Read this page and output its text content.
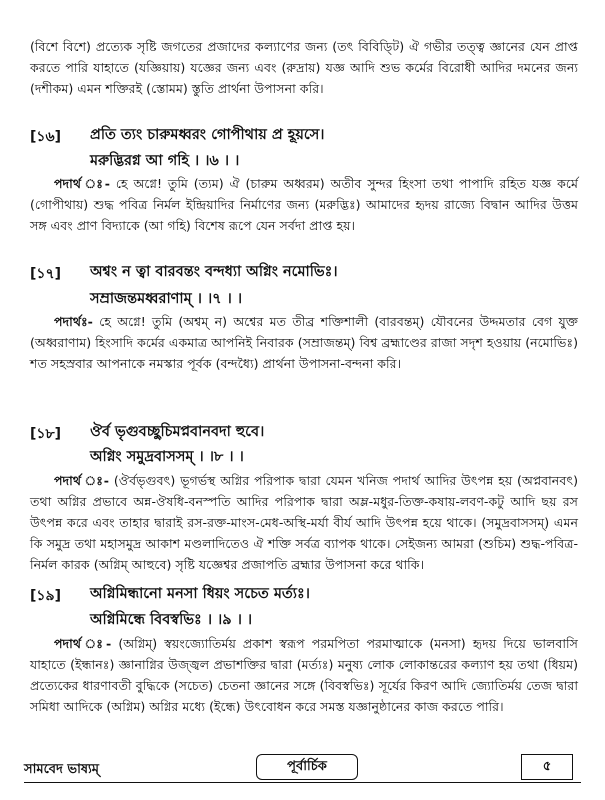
(বিশে বিশে) প্রত্যেক সৃষ্টি জগতের প্রজাদের কল্যাণের জন্য (তৎ বিবিড্টি) ঐ গভীর তত্ত্ব জ্ঞানের যেন প্রাপ্ত করতে পারি যাহাতে (যজ্ঞিয়ায়) যজ্ঞের জন্য এবং (রুদ্রায়) যজ্ঞ আদি শুভ কর্মের বিরোধী আদির দমনের জন্য (দশীকম) এমন শক্তিরই (স্তোমম) স্তুতি প্রার্থনা উপাসনা করি।
[১৬] প্রতি ত্যং চারুমধ্বরং গোপীথায় প্র হূয়সে।
মরুদ্ভিরগ্ন আ গহি । ।৬ । ।
পদার্থ ঃ- হে অগ্নে! তুমি (ত্যম) ঐ (চারুম অধ্বরম) অতীব সুন্দর হিংসা তথা পাপাদি রহিত যজ্ঞ কর্মে (গোপীথায়) শুদ্ধ পবিত্র নির্মল ইন্দ্রিয়াদির নির্মাণের জন্য (মরুদ্ভিঃ) আমাদের হৃদয় রাজ্যে বিদ্বান আদির উত্তম সঙ্গ এবং প্রাণ বিদ্যাকে (আ গহি) বিশেষ রূপে যেন সর্বদা প্রাপ্ত হয়।
[১৭] অশ্বং ন ত্বা বারবন্তং বন্দধ্যা অগ্নিং নমোভিঃ।
সম্রাজন্তমধ্বরাণাম্ । ।৭ । ।
পদার্থঃ- হে অগ্নে! তুমি (অশ্বম্ ন) অশ্বের মত তীব্র শক্তিশালী (বারবন্তম্) যৌবনের উদ্দমতার বেগ যুক্ত (অধ্বরাণাম) হিংসাদি কর্মের একমাত্র আপনিই নিবারক (সম্রাজন্তম্) বিশ্ব ব্রহ্মাণ্ডের রাজা সদৃশ হওয়ায় (নমোভিঃ) শত সহস্রবার আপনাকে নমস্কার পূর্বক (বন্দধ্যৈ) প্রার্থনা উপাসনা-বন্দনা করি।
[১৮] ঔর্ব ভৃগুবচ্ছুচিমপ্নবানবদা হুবে।
অগ্নিং সমুদ্রবাসসম্ । ।৮ । ।
পদার্থ ঃ- (ঔর্বভৃগুবৎ) ভূগর্ভস্থ অগ্নির পরিপাক দ্বারা যেমন খনিজ পদার্থ আদির উৎপন্ন হয় (অপ্নবানবৎ) তথা অগ্নির প্রভাবে অন্ন-ঔষধি-বনস্পতি আদির পরিপাক দ্বারা অম্ল-মধুর-তিক্ত-কষায়-লবণ-কটু আদি ছয় রস উৎপন্ন করে এবং তাহার দ্বারাই রস-রক্ত-মাংস-মেধ-অস্থি-মর্যা বীর্য আদি উৎপন্ন হয়ে থাকে। (সমুদ্রবাসসম্) এমন কি সমুদ্র তথা মহাসমুদ্র আকাশ মণ্ডলাদিতেও ঐ শক্তি সর্বত্র ব্যাপক থাকে। সেইজন্য আমরা (শুচিম) শুদ্ধ-পবিত্র-নির্মল কারক (অগ্নিম্ আহুবে) সৃষ্টি যজ্ঞেশ্বর প্রজাপতি ব্রহ্মার উপাসনা করে থাকি।
[১৯] অগ্নিমিন্ধানো মনসা ধিয়ং সচেত মর্ত্যঃ।
অগ্নিমিন্ধে বিবস্বভিঃ । ।৯ । ।
পদার্থ ঃ- (অগ্নিম্) স্বয়ংজ্যোতির্ময় প্রকাশ স্বরূপ পরমপিতা পরমাত্মাকে (মনসা) হৃদয় দিয়ে ভালবাসি যাহাতে (ইন্ধানঃ) জ্ঞানাগ্নির উজ্জ্বল প্রভাশক্তির দ্বারা (মর্ত্যঃ) মনুষ্য লোক লোকান্তরের কল্যাণ হয় তথা (ধিয়ম) প্রত্যেকের ধারণাবতী বুদ্ধিকে (সচেত) চেতনা জ্ঞানের সঙ্গে (বিবস্বভিঃ) সূর্যের কিরণ আদি জ্যোতির্ময় তেজ দ্বারা সমিধা আদিকে (অগ্নিম) অগ্নির মধ্যে (ইন্ধে) উৎবোধন করে সমস্ত যজ্ঞানুষ্ঠানের কাজ করতে পারি।
সামবেদ ভাষ্যম্	পূর্বার্চিক	৫
